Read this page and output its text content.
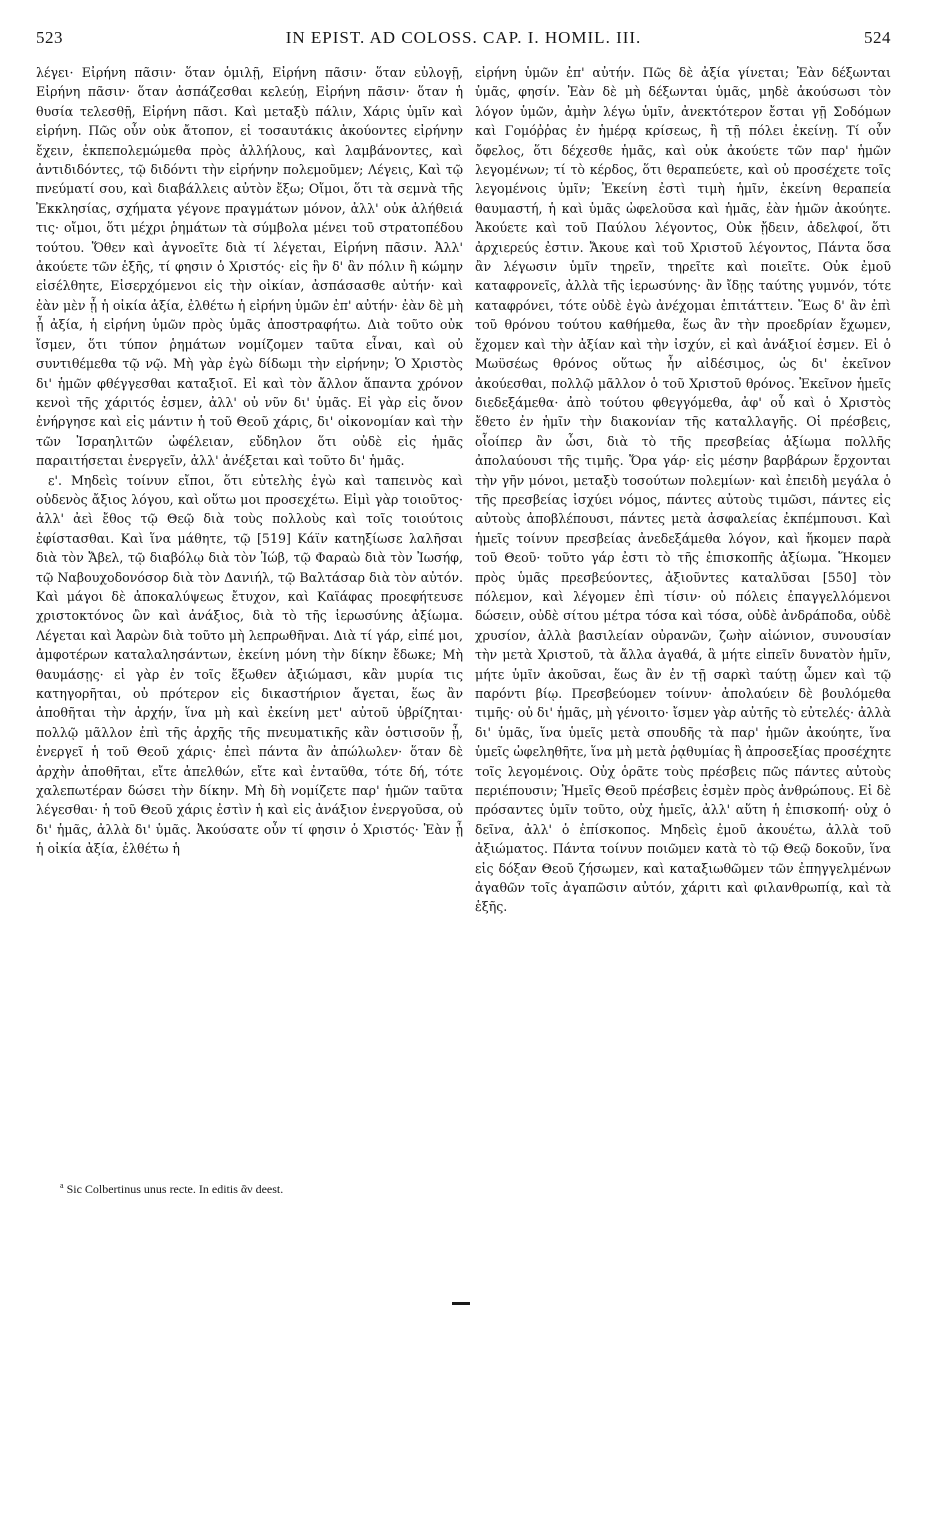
523	IN EPIST. AD COLOSS. CAP. I. HOMIL. III.	524

λέγει· Εἰρήνη πᾶσιν· ὅταν ὁμιλῇ, Εἰρήνη πᾶσιν· ὅταν εὐλογῇ, Εἰρήνη πᾶσιν· ὅταν ἀσπάζεσθαι κελεύῃ, Εἰρήνη πᾶσιν· ὅταν ἡ θυσία τελεσθῇ, Εἰρήνη πᾶσι. Καὶ μεταξὺ πάλιν, Χάρις ὑμῖν καὶ εἰρήνη. Πῶς οὖν οὐκ ἄτοπον, εἰ τοσαυτάκις ἀκούοντες εἰρήνην ἔχειν, ἐκπεπολεμώμεθα πρὸς ἀλλήλους, καὶ λαμβάνοντες, καὶ ἀντιδιδόντες, τῷ διδόντι τὴν εἰρήνην πολεμοῦμεν; Λέγεις, Καὶ τῷ πνεύματί σου, καὶ διαβάλλεις αὐτὸν ἔξω; Οἴμοι, ὅτι τὰ σεμνὰ τῆς Ἐκκλησίας, σχήματα γέγονε πραγμάτων μόνον, ἀλλ' οὐκ ἀλήθειά τις· οἴμοι, ὅτι μέχρι ῥημάτων τὰ σύμβολα μένει τοῦ στρατοπέδου τούτου. Ὅθεν καὶ ἀγνοεῖτε διὰ τί λέγεται, Εἰρήνη πᾶσιν. Ἀλλ' ἀκούετε τῶν ἑξῆς, τί φησιν ὁ Χριστός· εἰς ἣν δ' ἂν πόλιν ἢ κώμην εἰσέλθητε, Εἰσερχόμενοι εἰς τὴν οἰκίαν, ἀσπάσασθε αὐτήν· καὶ ἐὰν μὲν ᾖ ἡ οἰκία ἀξία, ἐλθέτω ἡ εἰρήνη ὑμῶν ἐπ' αὐτήν· ἐὰν δὲ μὴ ᾖ ἀξία, ἡ εἰρήνη ὑμῶν πρὸς ὑμᾶς ἀποστραφήτω. Διὰ τοῦτο οὐκ ἴσμεν, ὅτι τύπον ῥημάτων νομίζομεν ταῦτα εἶναι, καὶ οὐ συντιθέμεθα τῷ νῷ. Μὴ γὰρ ἐγὼ δίδωμι τὴν εἰρήνην; Ὁ Χριστὸς δι' ἡμῶν φθέγγεσθαι καταξιοῖ. Εἰ καὶ τὸν ἄλλον ἅπαντα χρόνον κενοὶ τῆς χάριτός ἐσμεν, ἀλλ' οὐ νῦν δι' ὑμᾶς. Εἰ γὰρ εἰς ὄνον ἐνήργησε καὶ εἰς μάντιν ἡ τοῦ Θεοῦ χάρις, δι' οἰκονομίαν καὶ τὴν τῶν Ἰσραηλιτῶν ὠφέλειαν, εὔδηλον ὅτι οὐδὲ εἰς ἡμᾶς παραιτήσεται ἐνεργεῖν, ἀλλ' ἀνέξεται καὶ τοῦτο δι' ἡμᾶς.

ε'. Μηδεὶς τοίνυν εἴποι, ὅτι εὐτελὴς ἐγὼ καὶ ταπεινὸς καὶ οὐδενὸς ἄξιος λόγου, καὶ οὕτω μοι προσεχέτω. Εἰμὶ γὰρ τοιοῦτος· ἀλλ' ἀεὶ ἔθος τῷ Θεῷ διὰ τοὺς πολλοὺς καὶ τοῖς τοιούτοις ἐφίστασθαι. Καὶ ἵνα μάθητε, τῷ [519] Κάϊν κατηξίωσε λαλῆσαι διὰ τὸν Ἄβελ, τῷ διαβόλῳ διὰ τὸν Ἰώβ, τῷ Φαραὼ διὰ τὸν Ἰωσήφ, τῷ Ναβουχοδονόσορ διὰ τὸν Δανιήλ, τῷ Βαλτάσαρ διὰ τὸν αὐτόν. Καὶ μάγοι δὲ ἀποκαλύψεως ἔτυχον, καὶ Καϊάφας προεφήτευσε χριστοκτόνος ὢν καὶ ἀνάξιος, διὰ τὸ τῆς ἱερωσύνης ἀξίωμα. Λέγεται καὶ Ἀαρὼν διὰ τοῦτο μὴ λεπρωθῆναι. Διὰ τί γάρ, εἰπέ μοι, ἀμφοτέρων καταλαλησάντων, ἐκείνη μόνη τὴν δίκην ἔδωκε; Μὴ θαυμάσῃς· εἰ γὰρ ἐν τοῖς ἔξωθεν ἀξιώμασι, κἂν μυρία τις κατηγορῆται, οὐ πρότερον εἰς δικαστήριον ἄγεται, ἕως ἂν ἀποθῆται τὴν ἀρχήν, ἵνα μὴ καὶ ἐκείνη μετ' αὐτοῦ ὑβρίζηται· πολλῷ μᾶλλον ἐπὶ τῆς ἀρχῆς τῆς πνευματικῆς κἂν ὁστισοῦν ᾖ, ἐνεργεῖ ἡ τοῦ Θεοῦ χάρις· ἐπεὶ πάντα ἂν ἀπώλωλεν· ὅταν δὲ ἀρχὴν ἀποθῆται, εἴτε ἀπελθών, εἴτε καὶ ἐνταῦθα, τότε δή, τότε χαλεπωτέραν δώσει τὴν δίκην. Μὴ δὴ νομίζετε παρ' ἡμῶν ταῦτα λέγεσθαι· ἡ τοῦ Θεοῦ χάρις ἐστὶν ἡ καὶ εἰς ἀνάξιον ἐνεργοῦσα, οὐ δι' ἡμᾶς, ἀλλὰ δι' ὑμᾶς. Ἀκούσατε οὖν τί φησιν ὁ Χριστός· Ἐὰν ᾖ ἡ οἰκία ἀξία, ἐλθέτω ἡ

εἰρήνη ὑμῶν ἐπ' αὐτήν. Πῶς δὲ ἀξία γίνεται; Ἐὰν δέξωνται ὑμᾶς, φησίν. Ἐὰν δὲ μὴ δέξωνται ὑμᾶς, μηδὲ ἀκούσωσι τὸν λόγον ὑμῶν, ἀμὴν λέγω ὑμῖν, ἀνεκτότερον ἔσται γῇ Σοδόμων καὶ Γομόῤῥας ἐν ἡμέρᾳ κρίσεως, ἢ τῇ πόλει ἐκείνῃ. Τί οὖν ὄφελος, ὅτι δέχεσθε ἡμᾶς, καὶ οὐκ ἀκούετε τῶν παρ' ἡμῶν λεγομένων; τί τὸ κέρδος, ὅτι θεραπεύετε, καὶ οὐ προσέχετε τοῖς λεγομένοις ὑμῖν; Ἐκείνη ἐστὶ τιμὴ ἡμῖν, ἐκείνη θεραπεία θαυμαστή, ἡ καὶ ὑμᾶς ὠφελοῦσα καὶ ἡμᾶς, ἐὰν ἡμῶν ἀκούητε. Ἀκούετε καὶ τοῦ Παύλου λέγοντος, Οὐκ ᾔδειν, ἀδελφοί, ὅτι ἀρχιερεύς ἐστιν. Ἄκουε καὶ τοῦ Χριστοῦ λέγοντος, Πάντα ὅσα ἂν λέγωσιν ὑμῖν τηρεῖν, τηρεῖτε καὶ ποιεῖτε. Οὐκ ἐμοῦ καταφρονεῖς, ἀλλὰ τῆς ἱερωσύνης· ἂν ἴδῃς ταύτης γυμνόν, τότε καταφρόνει, τότε οὐδὲ ἐγὼ ἀνέχομαι ἐπιτάττειν. Ἕως δ' ἂν ἐπὶ τοῦ θρόνου τούτου καθήμεθα, ἕως ἂν τὴν προεδρίαν ἔχωμεν, ἔχομεν καὶ τὴν ἀξίαν καὶ τὴν ἰσχύν, εἰ καὶ ἀνάξιοί ἐσμεν. Εἰ ὁ Μωϋσέως θρόνος οὕτως ἦν αἰδέσιμος, ὡς δι' ἐκεῖνον ἀκούεσθαι, πολλῷ μᾶλλον ὁ τοῦ Χριστοῦ θρόνος. Ἐκεῖνον ἡμεῖς διεδεξάμεθα· ἀπὸ τούτου φθεγγόμεθα, ἀφ' οὗ καὶ ὁ Χριστὸς ἔθετο ἐν ἡμῖν τὴν διακονίαν τῆς καταλλαγῆς. Οἱ πρέσβεις, οἷοίπερ ἂν ὦσι, διὰ τὸ τῆς πρεσβείας ἀξίωμα πολλῆς ἀπολαύουσι τῆς τιμῆς. Ὅρα γάρ· εἰς μέσην βαρβάρων ἔρχονται τὴν γῆν μόνοι, μεταξὺ τοσούτων πολεμίων· καὶ ἐπειδὴ μεγάλα ὁ τῆς πρεσβείας ἰσχύει νόμος, πάντες αὐτοὺς τιμῶσι, πάντες εἰς αὐτοὺς ἀποβλέπουσι, πάντες μετὰ ἀσφαλείας ἐκπέμπουσι. Καὶ ἡμεῖς τοίνυν πρεσβείας ἀνεδεξάμεθα λόγον, καὶ ἥκομεν παρὰ τοῦ Θεοῦ· τοῦτο γάρ ἐστι τὸ τῆς ἐπισκοπῆς ἀξίωμα. Ἥκομεν πρὸς ὑμᾶς πρεσβεύοντες, ἀξιοῦντες καταλῦσαι [550] τὸν πόλεμον, καὶ λέγομεν ἐπὶ τίσιν· οὐ πόλεις ἐπαγγελλόμενοι δώσειν, οὐδὲ σίτου μέτρα τόσα καὶ τόσα, οὐδὲ ἀνδράποδα, οὐδὲ χρυσίον, ἀλλὰ βασιλείαν οὐρανῶν, ζωὴν αἰώνιον, συνουσίαν τὴν μετὰ Χριστοῦ, τὰ ἄλλα ἀγαθά, ἃ μήτε εἰπεῖν δυνατὸν ἡμῖν, μήτε ὑμῖν ἀκοῦσαι, ἕως ἂν ἐν τῇ σαρκὶ ταύτῃ ὦμεν καὶ τῷ παρόντι βίῳ. Πρεσβεύομεν τοίνυν· ἀπολαύειν δὲ βουλόμεθα τιμῆς· οὐ δι' ἡμᾶς, μὴ γένοιτο· ἴσμεν γὰρ αὐτῆς τὸ εὐτελές· ἀλλὰ δι' ὑμᾶς, ἵνα ὑμεῖς μετὰ σπουδῆς τὰ παρ' ἡμῶν ἀκούητε, ἵνα ὑμεῖς ὠφεληθῆτε, ἵνα μὴ μετὰ ῥᾳθυμίας ἢ ἀπροσεξίας προσέχητε τοῖς λεγομένοις. Οὐχ ὁρᾶτε τοὺς πρέσβεις πῶς πάντες αὐτοὺς περιέπουσιν; Ἡμεῖς Θεοῦ πρέσβεις ἐσμὲν πρὸς ἀνθρώπους. Εἰ δὲ πρόσαντες ὑμῖν τοῦτο, οὐχ ἡμεῖς, ἀλλ' αὕτη ἡ ἐπισκοπή· οὐχ ὁ δεῖνα, ἀλλ' ὁ ἐπίσκοπος. Μηδεὶς ἐμοῦ ἀκουέτω, ἀλλὰ τοῦ ἀξιώματος. Πάντα τοίνυν ποιῶμεν κατὰ τὸ τῷ Θεῷ δοκοῦν, ἵνα εἰς δόξαν Θεοῦ ζήσωμεν, καὶ καταξιωθῶμεν τῶν ἐπηγγελμένων ἀγαθῶν τοῖς ἀγαπῶσιν αὐτόν, χάριτι καὶ φιλανθρωπίᾳ, καὶ τὰ ἑξῆς.

$^a$ Sic Colbertinus unus recte. In editis ἂν deest.
